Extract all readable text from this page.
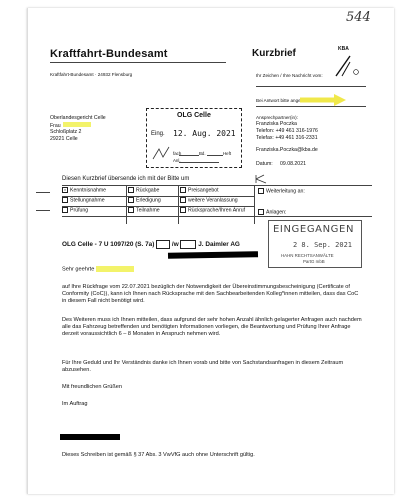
544
Kraftfahrt-Bundesamt	Kurzbrief	KBA
Kraftfahrt-Bundesamt · 24932 Flensburg	Ihr Zeichen / Ihre Nachricht vom:
Bei Antwort bitte angeben
Ansprechpartner(in):
Franziska Poczka
Telefon: +49 461 316-1976
Telefax: +49 461 316-2331
Franziska.Poczka@kba.de
Datum: 09.08.2021
Oberlandesgericht Celle
Frau
Schloßplatz 2
29221 Celle
OLG Celle
Eing. 12. Aug. 2021
fach	Bd.	Heft
Anl.
Diesen Kurzbrief übersende ich mit der Bitte um
× Kenntnisnahme	Rückgabe	Preisangebot
Stellungnahme	Erledigung	weitere Veranlassung
Prüfung	Teilnahme	Rücksprache/Ihren Anruf
Weiterleitung an:
Anlagen:
EINGEGANGEN
2 8. Sep. 2021
HAHN RECHTSANWÄLTE
PartG mbB
OLG Celle - 7 U 1097/20 (S. 7a)	/w	J. Daimler AG
Sehr geehrte
auf Ihre Rückfrage vom 22.07.2021 bezüglich der Notwendigkeit der Übereinstimmungsbescheinigung (Certificate of Conformity (CoC)), kann ich Ihnen nach Rücksprache mit den Sachbearbeitenden Kolleg*innen mitteilen, dass das CoC in diesem Fall nicht benötigt wird.
Des Weiteren muss ich Ihnen mitteilen, dass aufgrund der sehr hohen Anzahl ähnlich gelagerter Anfragen auch nachdem alle das Fahrzeug betreffenden und benötigten Informationen vorliegen, die Beantwortung und Prüfung Ihrer Anfrage derzeit voraussichtlich 6 – 8 Monaten in Anspruch nehmen wird.
Für Ihre Geduld und Ihr Verständnis danke ich Ihnen vorab und bitte von Sachstandsanfragen in diesem Zeitraum abzusehen.
Mit freundlichen Grüßen
Im Auftrag
Dieses Schreiben ist gemäß § 37 Abs. 3 VwVfG auch ohne Unterschrift gültig.
